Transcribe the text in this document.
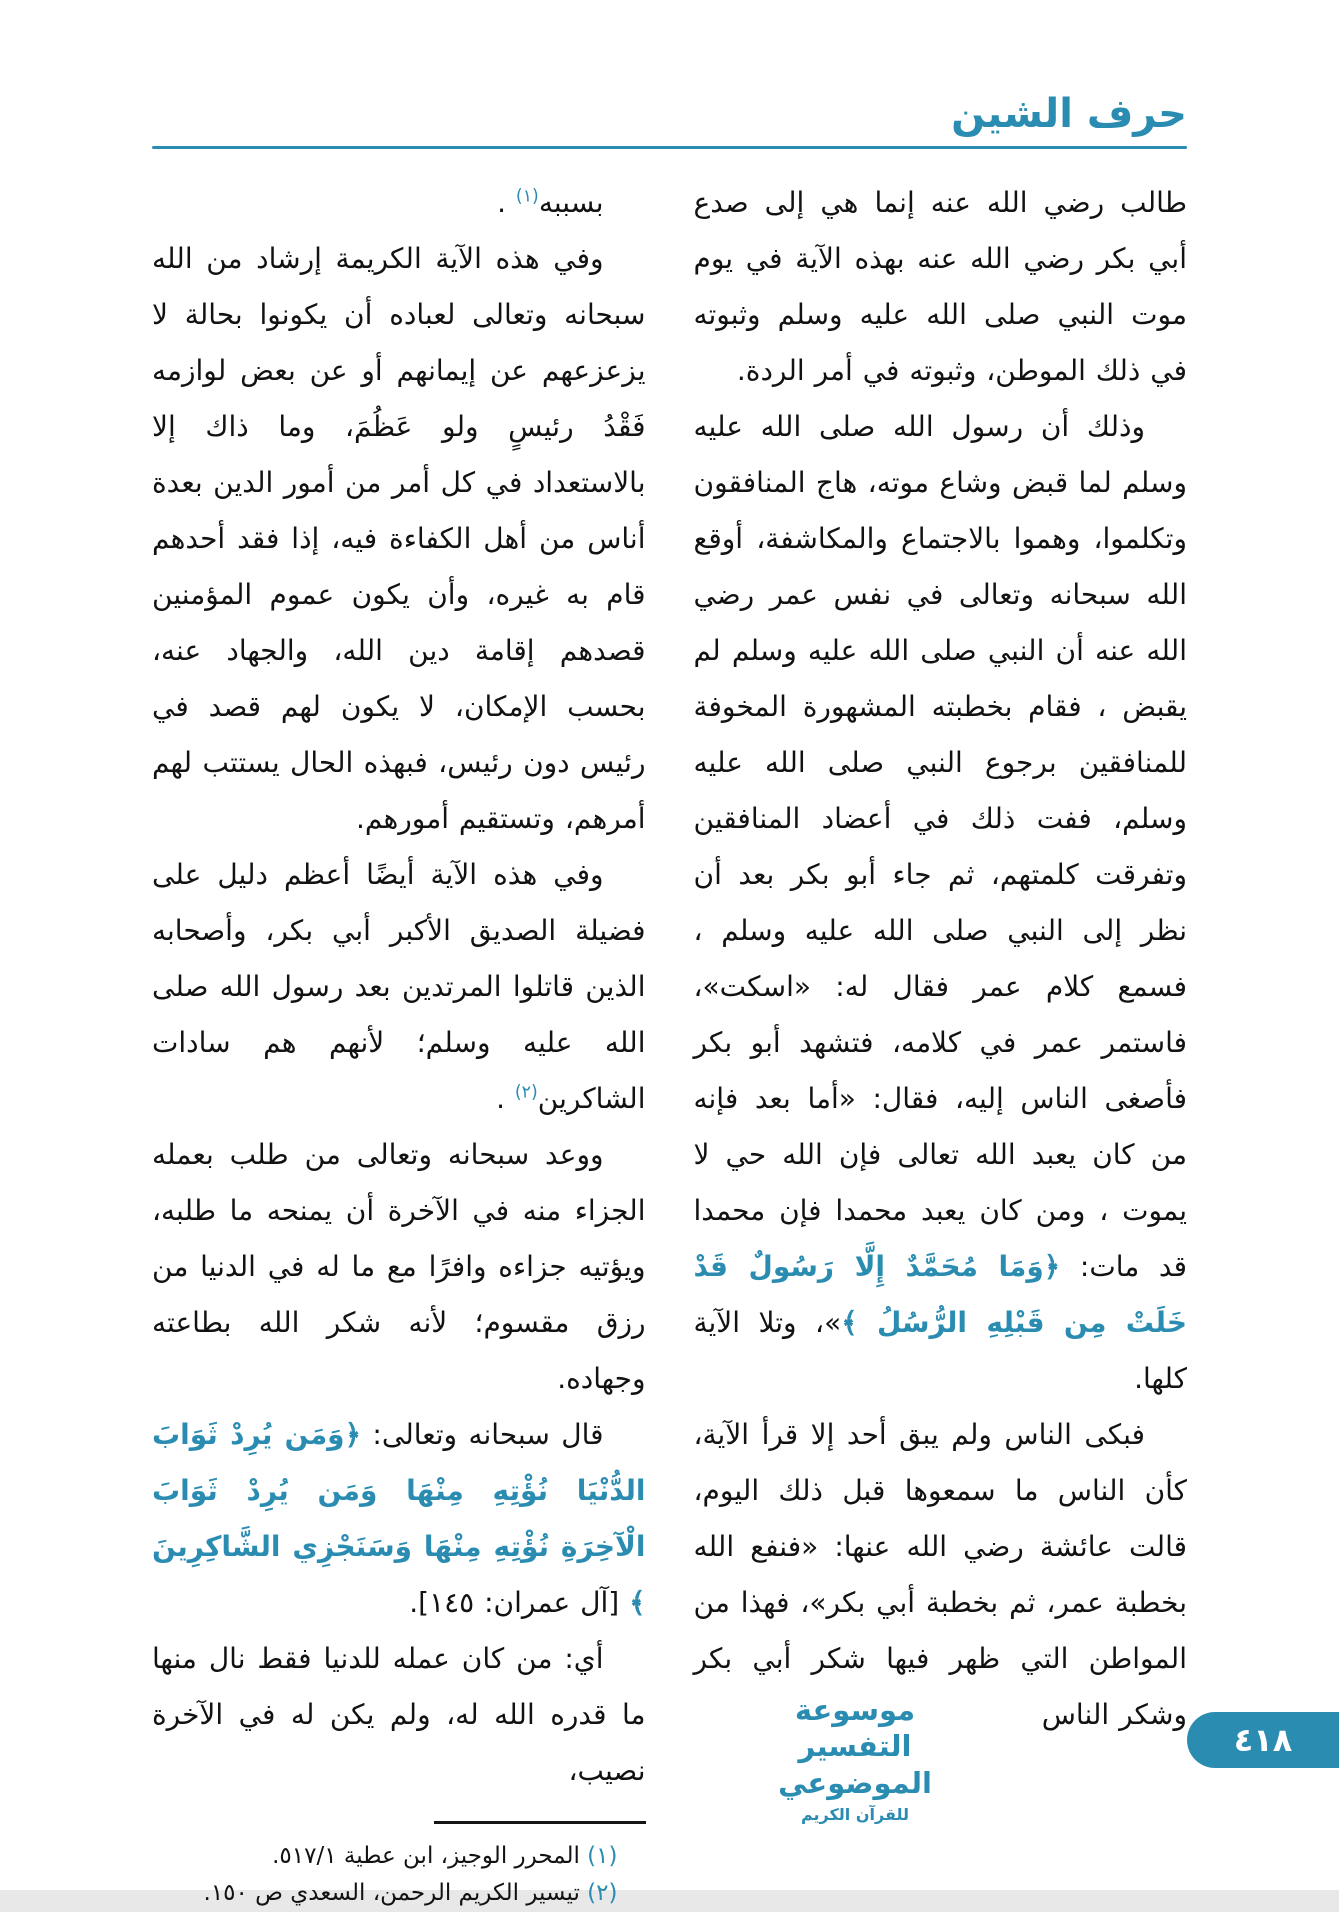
حرف الشين

طالب رضي الله عنه إنما هي إلى صدع أبي بكر رضي الله عنه بهذه الآية في يوم موت النبي صلى الله عليه وسلم وثبوته في ذلك الموطن، وثبوته في أمر الردة.

وذلك أن رسول الله صلى الله عليه وسلم لما قبض وشاع موته، هاج المنافقون وتكلموا، وهموا بالاجتماع والمكاشفة، أوقع الله سبحانه وتعالى في نفس عمر رضي الله عنه أن النبي صلى الله عليه وسلم لم يقبض ، فقام بخطبته المشهورة المخوفة للمنافقين برجوع النبي صلى الله عليه وسلم، ففت ذلك في أعضاد المنافقين وتفرقت كلمتهم، ثم جاء أبو بكر بعد أن نظر إلى النبي صلى الله عليه وسلم ، فسمع كلام عمر فقال له: «اسكت»، فاستمر عمر في كلامه، فتشهد أبو بكر فأصغى الناس إليه، فقال: «أما بعد فإنه من كان يعبد الله تعالى فإن الله حي لا يموت ، ومن كان يعبد محمدا فإن محمدا قد مات: ﴿وَمَا مُحَمَّدٌ إِلَّا رَسُولٌ قَدْ خَلَتْ مِن قَبْلِهِ الرُّسُلُ ﴾»، وتلا الآية كلها.

فبكى الناس ولم يبق أحد إلا قرأ الآية، كأن الناس ما سمعوها قبل ذلك اليوم، قالت عائشة رضي الله عنها: «فنفع الله بخطبة عمر، ثم بخطبة أبي بكر»، فهذا من المواطن التي ظهر فيها شكر أبي بكر وشكر الناس

بسببه$^{(١)}$ .

وفي هذه الآية الكريمة إرشاد من الله سبحانه وتعالى لعباده أن يكونوا بحالة لا يزعزعهم عن إيمانهم أو عن بعض لوازمه فَقْدُ رئيسٍ ولو عَظُمَ، وما ذاك إلا بالاستعداد في كل أمر من أمور الدين بعدة أناس من أهل الكفاءة فيه، إذا فقد أحدهم قام به غيره، وأن يكون عموم المؤمنين قصدهم إقامة دين الله، والجهاد عنه، بحسب الإمكان، لا يكون لهم قصد في رئيس دون رئيس، فبهذه الحال يستتب لهم أمرهم، وتستقيم أمورهم.

وفي هذه الآية أيضًا أعظم دليل على فضيلة الصديق الأكبر أبي بكر، وأصحابه الذين قاتلوا المرتدين بعد رسول الله صلى الله عليه وسلم؛ لأنهم هم سادات الشاكرين$^{(٢)}$ .

ووعد سبحانه وتعالى من طلب بعمله الجزاء منه في الآخرة أن يمنحه ما طلبه، ويؤتيه جزاءه وافرًا مع ما له في الدنيا من رزق مقسوم؛ لأنه شكر الله بطاعته وجهاده.

قال سبحانه وتعالى: ﴿وَمَن يُرِدْ ثَوَابَ الدُّنْيَا نُؤْتِهِ مِنْهَا وَمَن يُرِدْ ثَوَابَ الْآخِرَةِ نُؤْتِهِ مِنْهَا وَسَنَجْزِي الشَّاكِرِينَ ﴾ [آل عمران: ١٤٥].

أي: من كان عمله للدنيا فقط نال منها ما قدره الله له، ولم يكن له في الآخرة نصيب،

(١) المحرر الوجيز، ابن عطية ٥١٧/١.
(٢) تيسير الكريم الرحمن، السعدي ص ١٥٠.
موسوعة التفسير الموضوعي
للقرآن الكريم
٤١٨
